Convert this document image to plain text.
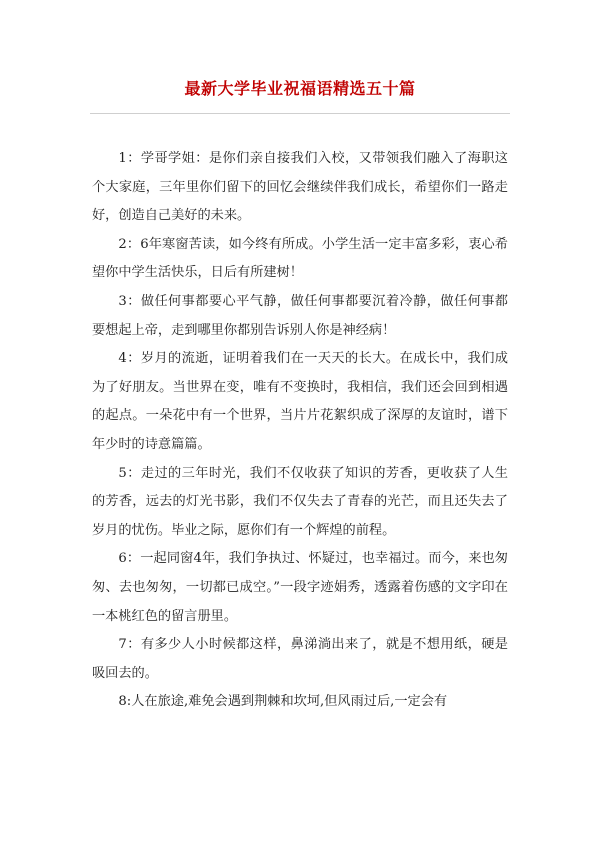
最新大学毕业祝福语精选五十篇

1：学哥学姐：是你们亲自接我们入校，又带领我们融入了海职这个大家庭，三年里你们留下的回忆会继续伴我们成长，希望你们一路走好，创造自己美好的未来。

2：6年寒窗苦读，如今终有所成。小学生活一定丰富多彩，衷心希望你中学生活快乐，日后有所建树！

3：做任何事都要心平气静，做任何事都要沉着冷静，做任何事都要想起上帝，走到哪里你都别告诉别人你是神经病！

4：岁月的流逝，证明着我们在一天天的长大。在成长中，我们成为了好朋友。当世界在变，唯有不变换时，我相信，我们还会回到相遇的起点。一朵花中有一个世界，当片片花絮织成了深厚的友谊时，谱下年少时的诗意篇篇。

5：走过的三年时光，我们不仅收获了知识的芳香，更收获了人生的芳香，远去的灯光书影，我们不仅失去了青春的光芒，而且还失去了岁月的忧伤。毕业之际，愿你们有一个辉煌的前程。

6：一起同窗4年，我们争执过、怀疑过，也幸福过。而今，来也匆匆、去也匆匆，一切都已成空。”一段字迹娟秀，透露着伤感的文字印在一本桃红色的留言册里。

7：有多少人小时候都这样，鼻涕淌出来了，就是不想用纸，硬是吸回去的。

8:人在旅途,难免会遇到荆棘和坎坷,但风雨过后,一定会有
